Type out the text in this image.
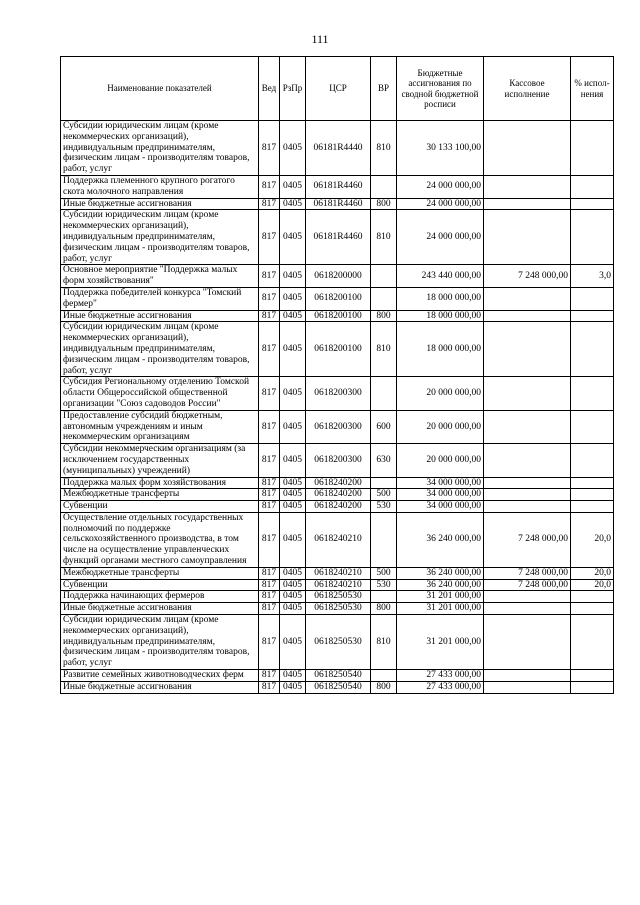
111
Наименование показателей	Вед	РзПр	ЦСР	ВР	Бюджетные ассигнования по сводной бюджетной росписи	Кассовое исполнение	% испол-нения
Субсидии юридическим лицам (кроме некоммерческих организаций), индивидуальным предпринимателям, физическим лицам - производителям товаров, работ, услуг	817	0405	06181R4440	810	30 133 100,00		
Поддержка племенного крупного рогатого скота молочного направления	817	0405	06181R4460		24 000 000,00		
Иные бюджетные ассигнования	817	0405	06181R4460	800	24 000 000,00		
Субсидии юридическим лицам (кроме некоммерческих организаций), индивидуальным предпринимателям, физическим лицам - производителям товаров, работ, услуг	817	0405	06181R4460	810	24 000 000,00		
Основное мероприятие "Поддержка малых форм хозяйствования"	817	0405	0618200000		243 440 000,00	7 248 000,00	3,0
Поддержка победителей конкурса "Томский фермер"	817	0405	0618200100		18 000 000,00		
Иные бюджетные ассигнования	817	0405	0618200100	800	18 000 000,00		
Субсидии юридическим лицам (кроме некоммерческих организаций), индивидуальным предпринимателям, физическим лицам - производителям товаров, работ, услуг	817	0405	0618200100	810	18 000 000,00		
Субсидия Региональному отделению Томской области Общероссийской общественной организации "Союз садоводов России"	817	0405	0618200300		20 000 000,00		
Предоставление субсидий бюджетным, автономным учреждениям и иным некоммерческим организациям	817	0405	0618200300	600	20 000 000,00		
Субсидии некоммерческим организациям (за исключением государственных (муниципальных) учреждений)	817	0405	0618200300	630	20 000 000,00		
Поддержка малых форм хозяйствования	817	0405	0618240200		34 000 000,00		
Межбюджетные трансферты	817	0405	0618240200	500	34 000 000,00		
Субвенции	817	0405	0618240200	530	34 000 000,00		
Осуществление отдельных государственных полномочий по поддержке сельскохозяйственного производства, в том числе на осуществление управленческих функций органами местного самоуправления	817	0405	0618240210		36 240 000,00	7 248 000,00	20,0
Межбюджетные трансферты	817	0405	0618240210	500	36 240 000,00	7 248 000,00	20,0
Субвенции	817	0405	0618240210	530	36 240 000,00	7 248 000,00	20,0
Поддержка начинающих фермеров	817	0405	0618250530		31 201 000,00		
Иные бюджетные ассигнования	817	0405	0618250530	800	31 201 000,00		
Субсидии юридическим лицам (кроме некоммерческих организаций), индивидуальным предпринимателям, физическим лицам - производителям товаров, работ, услуг	817	0405	0618250530	810	31 201 000,00		
Развитие семейных животноводческих ферм	817	0405	0618250540		27 433 000,00		
Иные бюджетные ассигнования	817	0405	0618250540	800	27 433 000,00		
